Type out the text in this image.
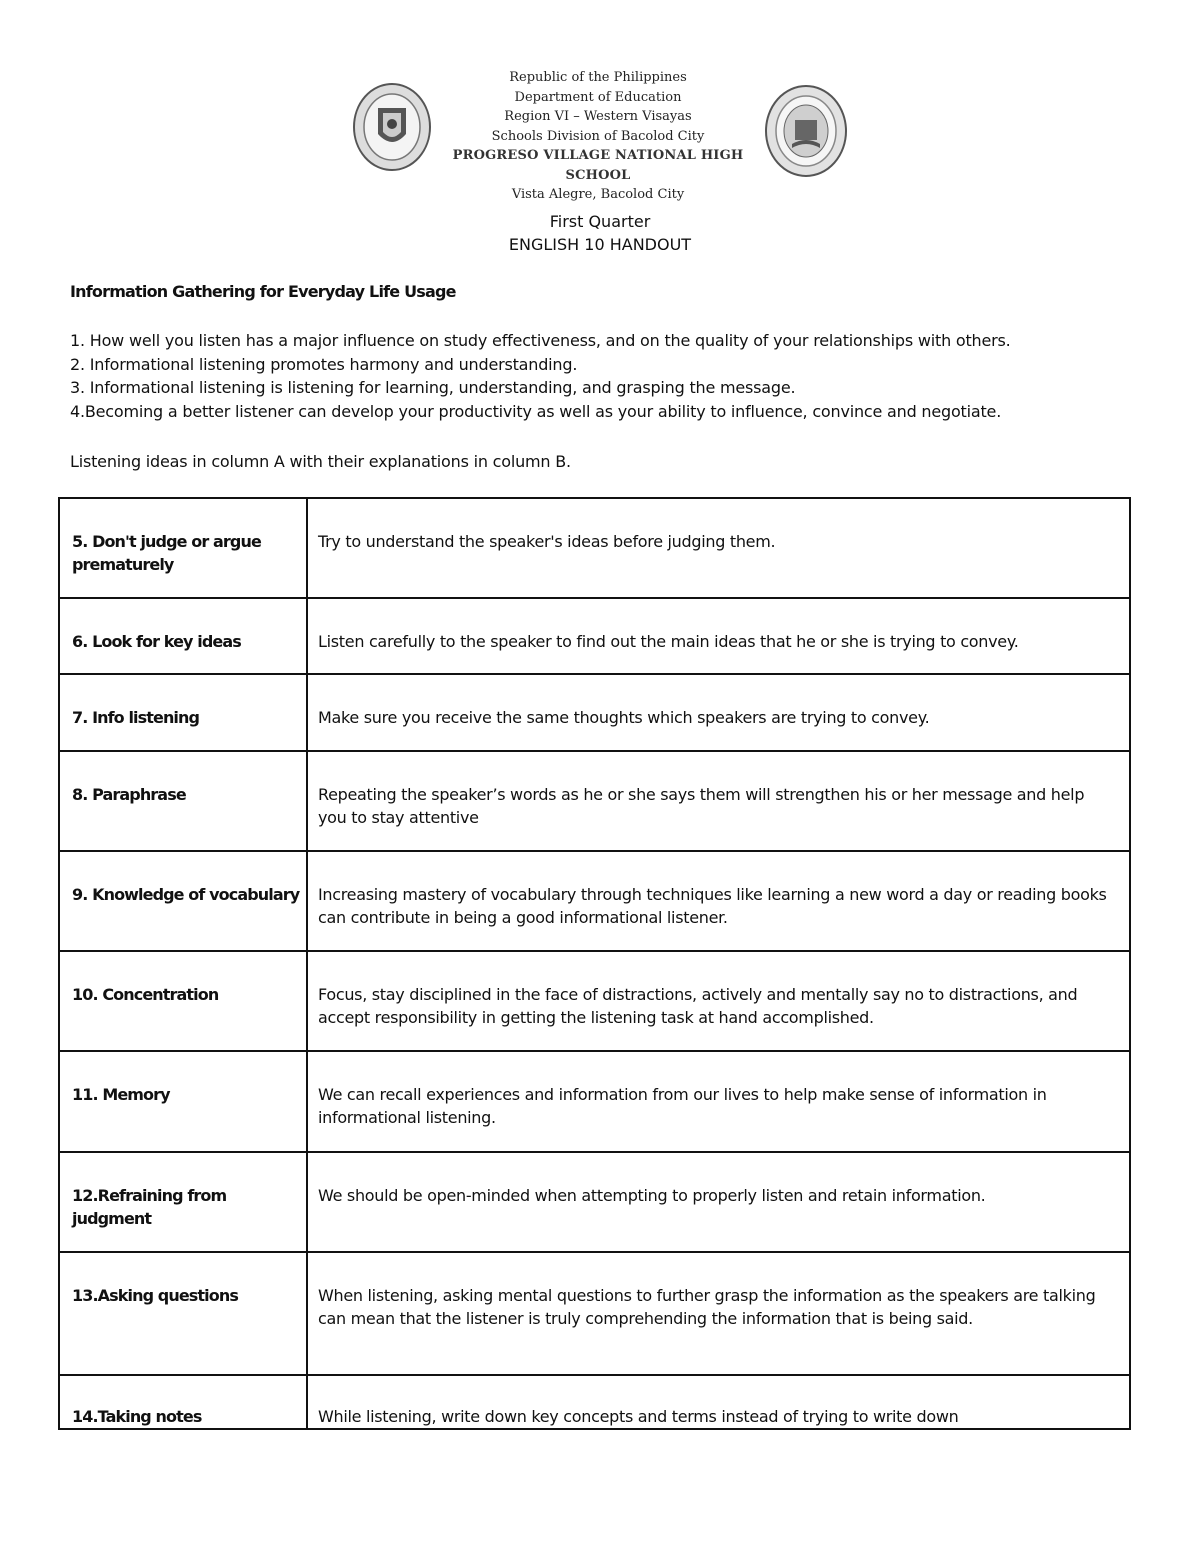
Republic of the Philippines
Department of Education
Region VI – Western Visayas
Schools Division of Bacolod City
PROGRESO VILLAGE NATIONAL HIGH SCHOOL
Vista Alegre, Bacolod City
First Quarter
ENGLISH 10 HANDOUT
Information Gathering for Everyday Life Usage
1. How well you listen has a major influence on study effectiveness, and on the quality of your relationships with others.
2. Informational listening promotes harmony and understanding.
3. Informational listening is listening for learning, understanding, and grasping the message.
4.Becoming a better listener can develop your productivity as well as your ability to influence, convince and negotiate.
Listening ideas in column A with their explanations in column B.
5. Don't judge or argue prematurely	Try to understand the speaker's ideas before judging them.

6. Look for key ideas	Listen carefully to the speaker to find out the main ideas that he or she is trying to convey.

7. Info listening	Make sure you receive the same thoughts which speakers are trying to convey.

8. Paraphrase	Repeating the speaker’s words as he or she says them will strengthen his or her message and help you to stay attentive

9. Knowledge of vocabulary	Increasing mastery of vocabulary through techniques like learning a new word a day or reading books can contribute in being a good informational listener.

10. Concentration	Focus, stay disciplined in the face of distractions, actively and mentally say no to distractions, and accept responsibility in getting the listening task at hand accomplished.

11. Memory	We can recall experiences and information from our lives to help make sense of information in informational listening.

12.Refraining from judgment	We should be open-minded when attempting to properly listen and retain information.

13.Asking questions	When listening, asking mental questions to further grasp the information as the speakers are talking can mean that the listener is truly comprehending the information that is being said.

14.Taking notes	While listening, write down key concepts and terms instead of trying to write down
